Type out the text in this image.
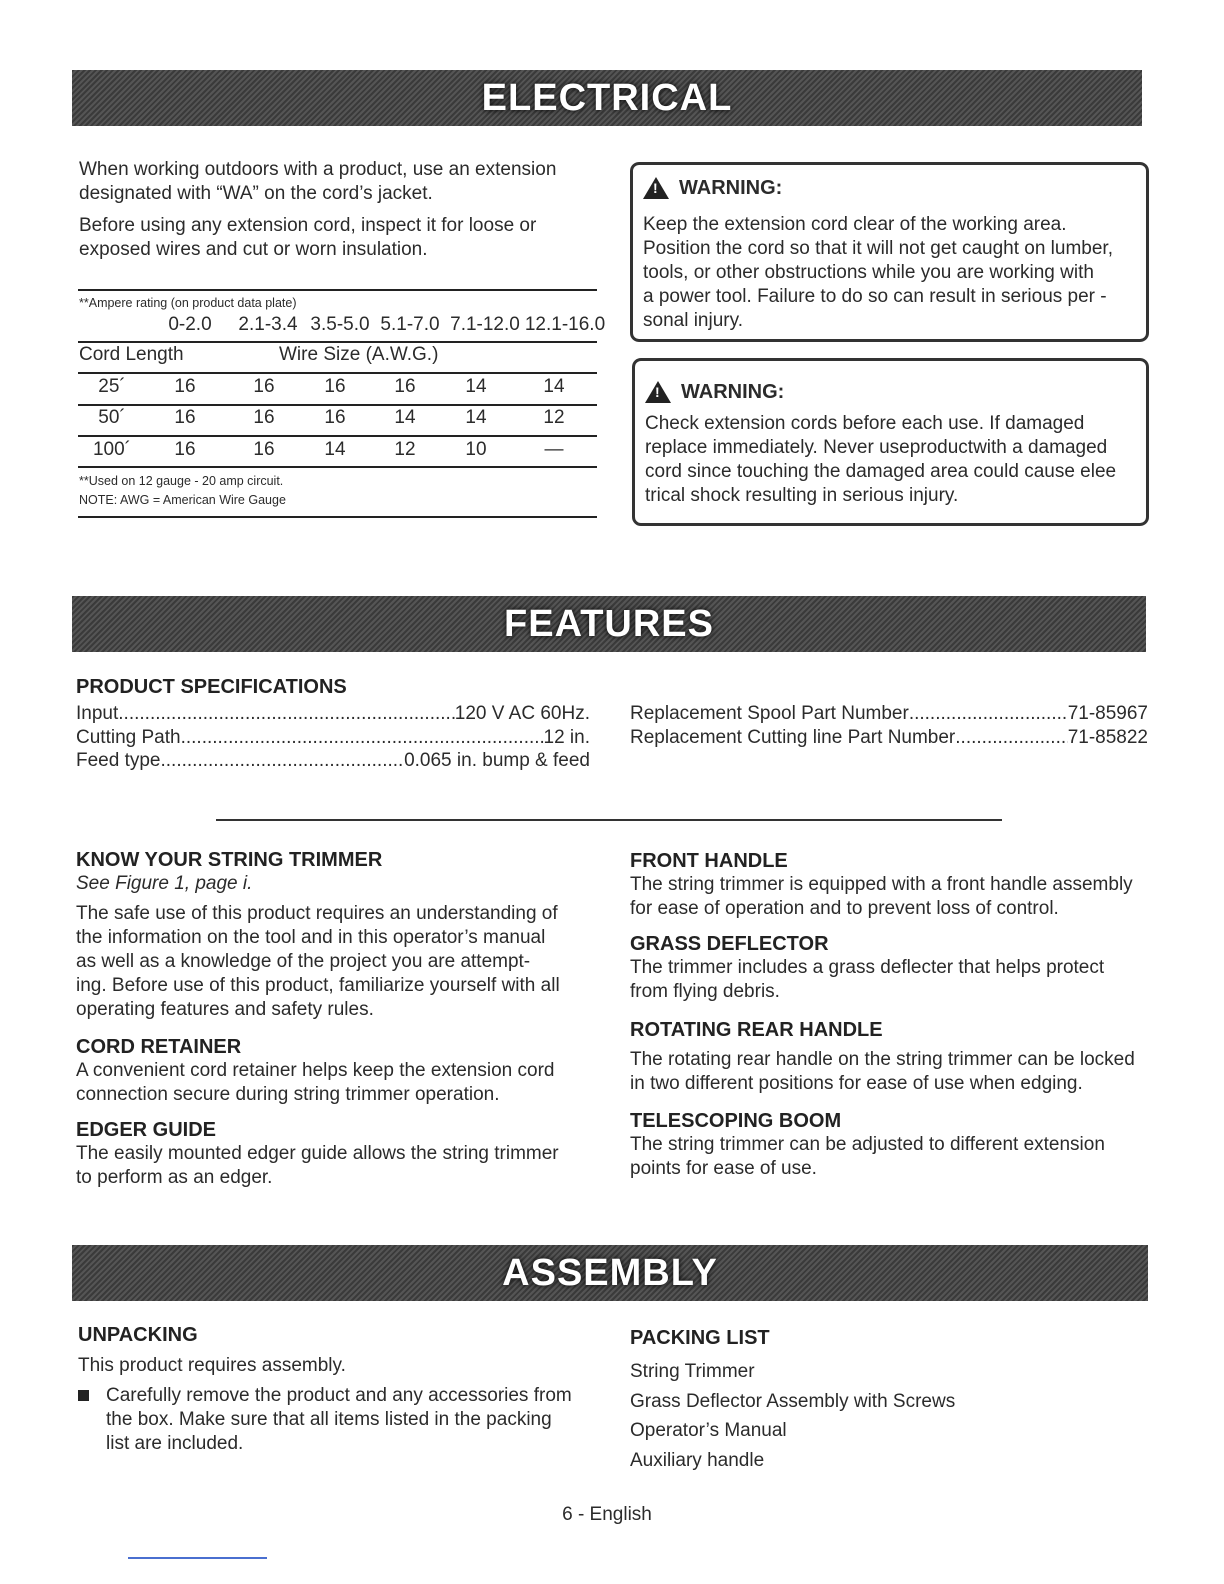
ELECTRICAL
When working outdoors with a product, use an extension
designated with “WA” on the cord’s jacket.
Before using any extension cord, inspect it for loose or
exposed wires and cut or worn insulation.
**Ampere rating (on product data plate)
0-2.0	2.1-3.4 3.5-5.0 5.1-7.0 7.1-12.0 12.1-16.0
Cord Length	Wire Size (A.W.G.)
25´	16	16	16	16	14	14
50´	16	16	16	14	14	12
100´	16	16	14	12	10	—
**Used on 12 gauge - 20 amp circuit.
NOTE: AWG = American Wire Gauge
!
WARNING:
Keep the extension cord clear of the working area.
Position the cord so that it will not get caught on lumber,
tools, or other obstructions while you are working with
a power tool. Failure to do so can result in serious per -
sonal injury.
!
WARNING:
Check extension cords before each use. If damaged
replace immediately. Never useproductwith a damaged
cord since touching the damaged area could cause elee
trical shock resulting in serious injury.
FEATURES
PRODUCT SPECIFICATIONS
Input .....	120 V AC 60Hz.
Cutting Path .....	12 in.
Feed type .....	0.065 in. bump & feed
Replacement Spool Part Number .....	71-85967
Replacement Cutting line Part Number .....	71-85822
KNOW YOUR STRING TRIMMER
See Figure 1, page i.
The safe use of this product requires an understanding of
the information on the tool and in this operator’s manual
as well as a knowledge of the project you are attempt-
ing. Before use of this product, familiarize yourself with all
operating features and safety rules.
CORD RETAINER
A convenient cord retainer helps keep the extension cord
connection secure during string trimmer operation.
EDGER GUIDE
The easily mounted edger guide allows the string trimmer
to perform as an edger.
FRONT HANDLE
The string trimmer is equipped with a front handle assembly
for ease of operation and to prevent loss of control.
GRASS DEFLECTOR
The trimmer includes a grass deflecter that helps protect
from flying debris.
ROTATING REAR HANDLE
The rotating rear handle on the string trimmer can be locked
in two different positions for ease of use when edging.
TELESCOPING BOOM
The string trimmer can be adjusted to different extension
points for ease of use.
ASSEMBLY
UNPACKING
This product requires assembly.
Carefully remove the product and any accessories from
the box. Make sure that all items listed in the packing
list are included.
PACKING LIST
String Trimmer
Grass Deflector Assembly with Screws
Operator’s Manual
Auxiliary handle
6 - English
